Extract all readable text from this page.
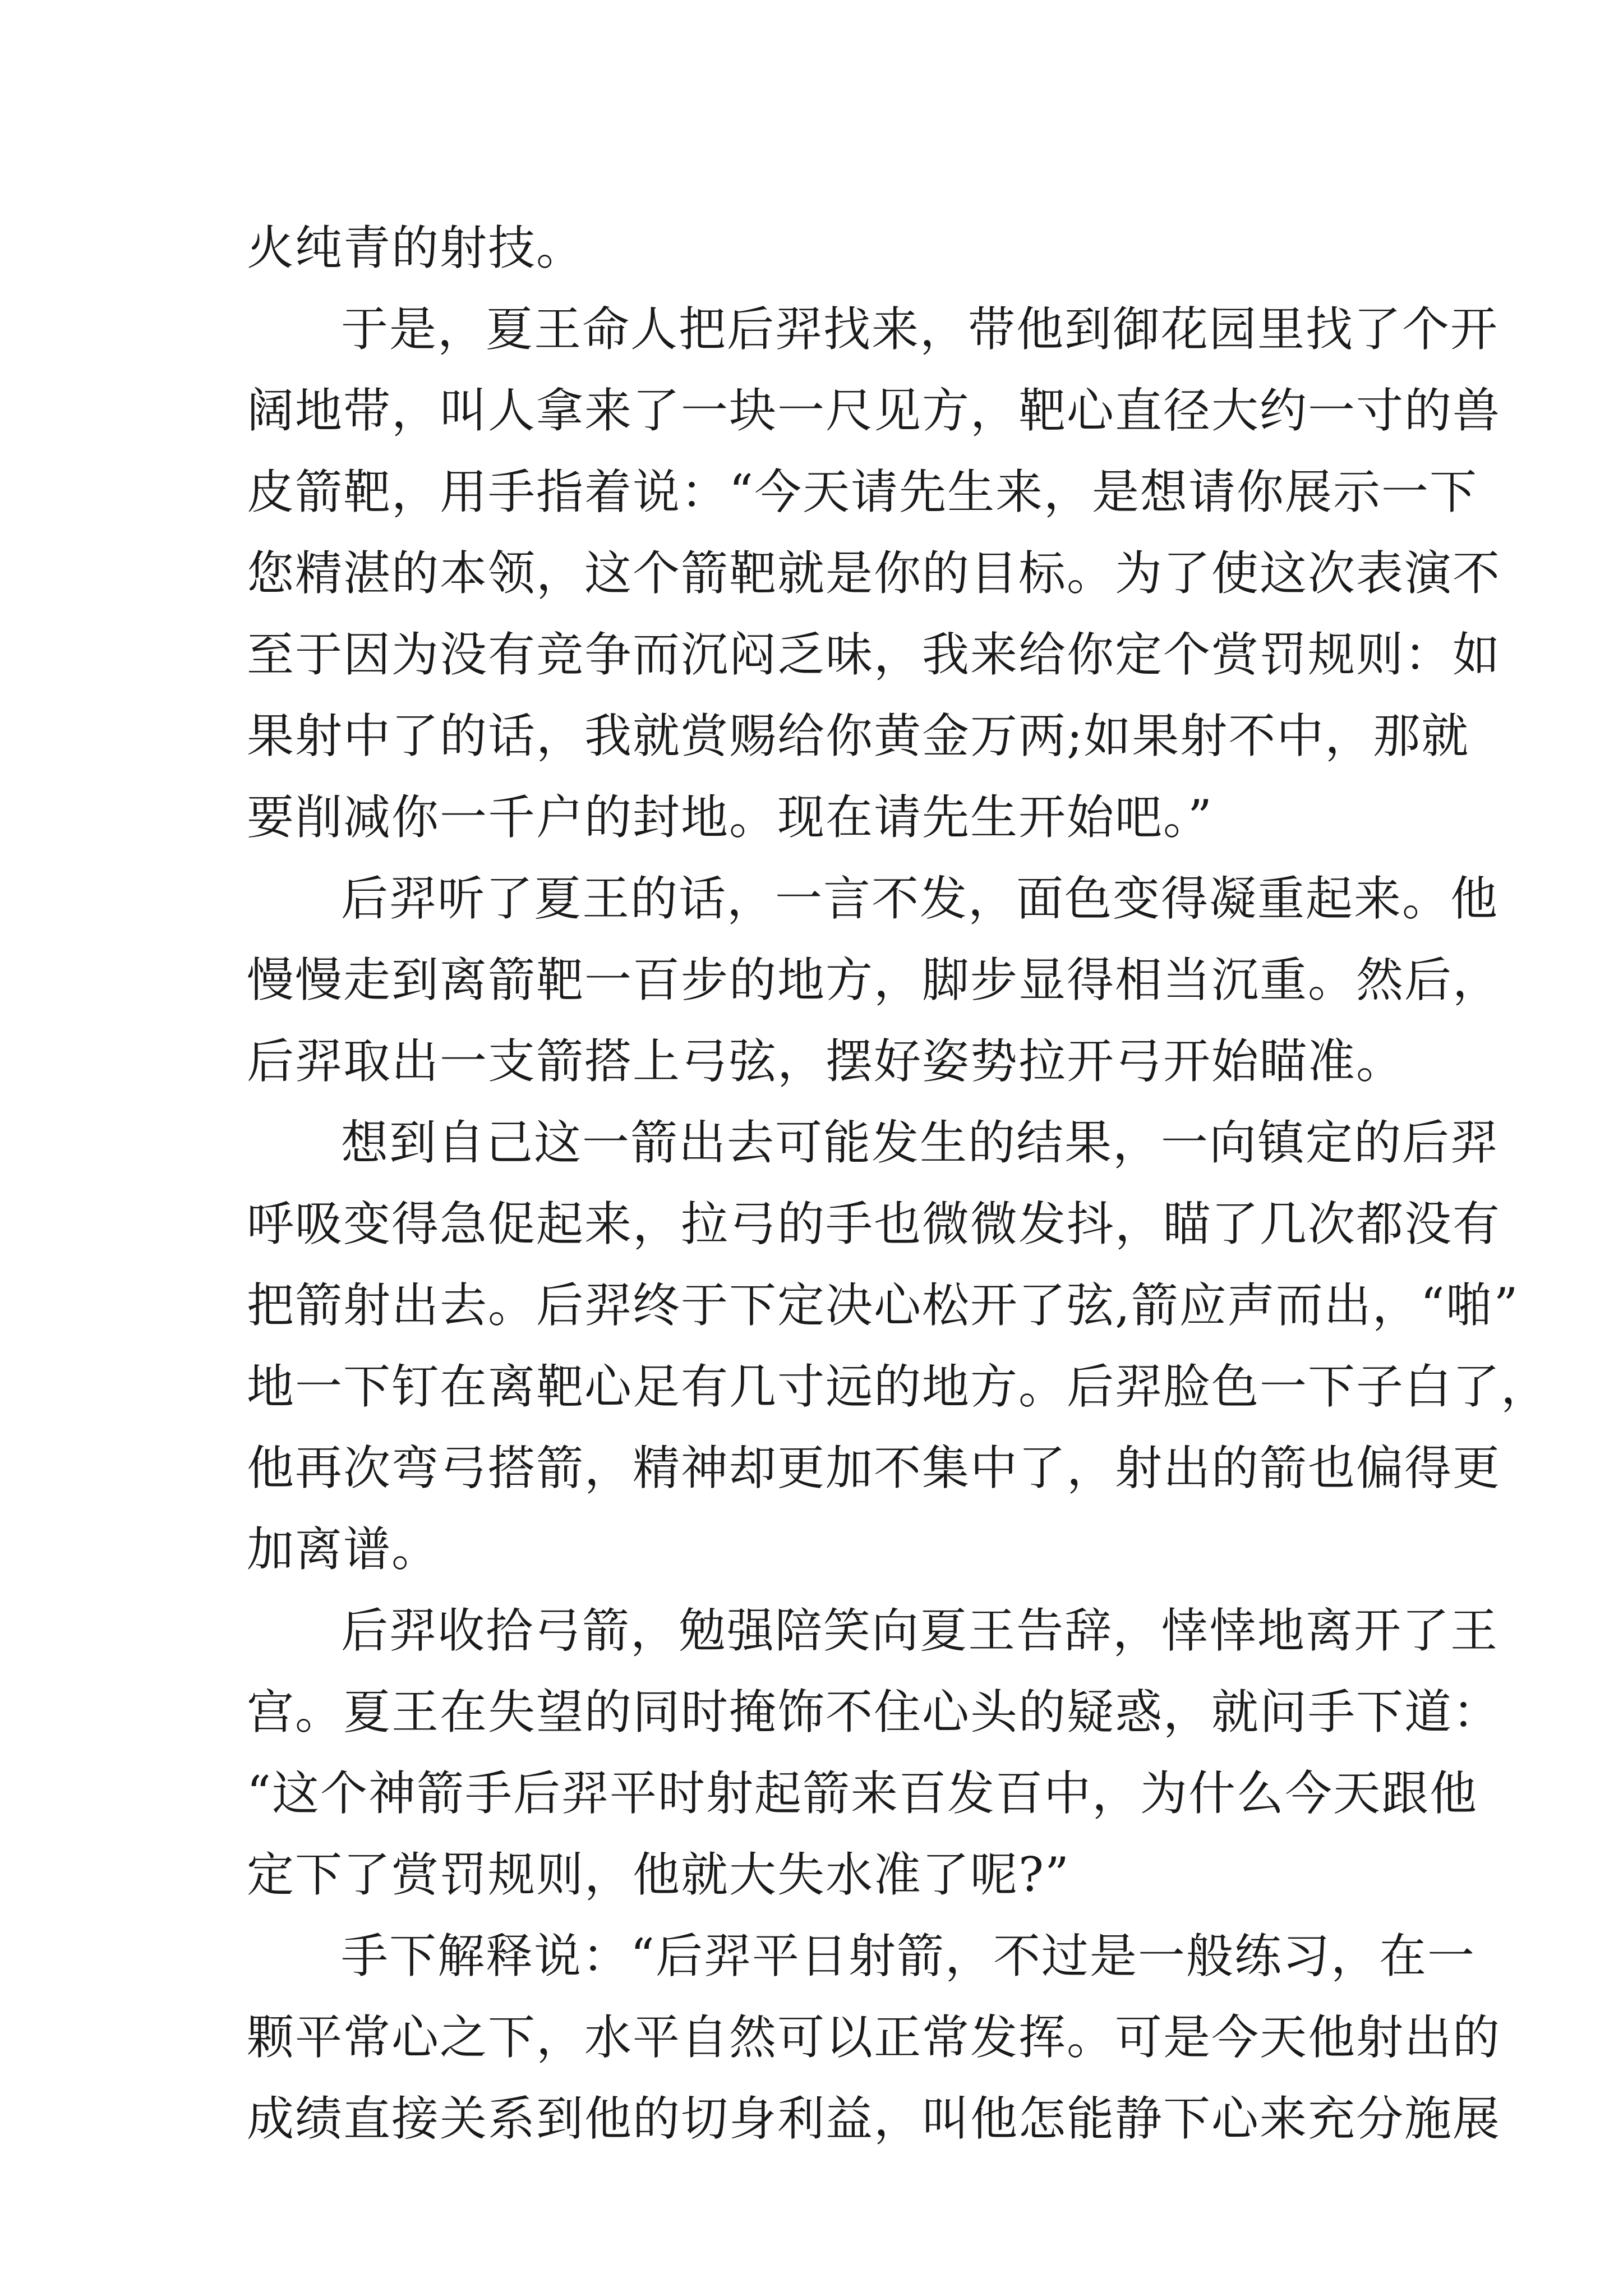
火纯青的射技。

于是，夏王命人把后羿找来，带他到御花园里找了个开
阔地带，叫人拿来了一块一尺见方，靶心直径大约一寸的兽
皮箭靶，用手指着说：“今天请先生来，是想请你展示一下
您精湛的本领，这个箭靶就是你的目标。为了使这次表演不
至于因为没有竞争而沉闷乏味，我来给你定个赏罚规则：如
果射中了的话，我就赏赐给你黄金万两;如果射不中，那就
要削减你一千户的封地。现在请先生开始吧。”

后羿听了夏王的话，一言不发，面色变得凝重起来。他
慢慢走到离箭靶一百步的地方，脚步显得相当沉重。然后，
后羿取出一支箭搭上弓弦，摆好姿势拉开弓开始瞄准。

想到自己这一箭出去可能发生的结果，一向镇定的后羿
呼吸变得急促起来，拉弓的手也微微发抖，瞄了几次都没有
把箭射出去。后羿终于下定决心松开了弦,箭应声而出，“啪”
地一下钉在离靶心足有几寸远的地方。后羿脸色一下子白了，
他再次弯弓搭箭，精神却更加不集中了，射出的箭也偏得更
加离谱。

后羿收拾弓箭，勉强陪笑向夏王告辞，悻悻地离开了王
宫。夏王在失望的同时掩饰不住心头的疑惑，就问手下道：
“这个神箭手后羿平时射起箭来百发百中，为什么今天跟他
定下了赏罚规则，他就大失水准了呢?”

手下解释说：“后羿平日射箭，不过是一般练习，在一
颗平常心之下，水平自然可以正常发挥。可是今天他射出的
成绩直接关系到他的切身利益，叫他怎能静下心来充分施展
